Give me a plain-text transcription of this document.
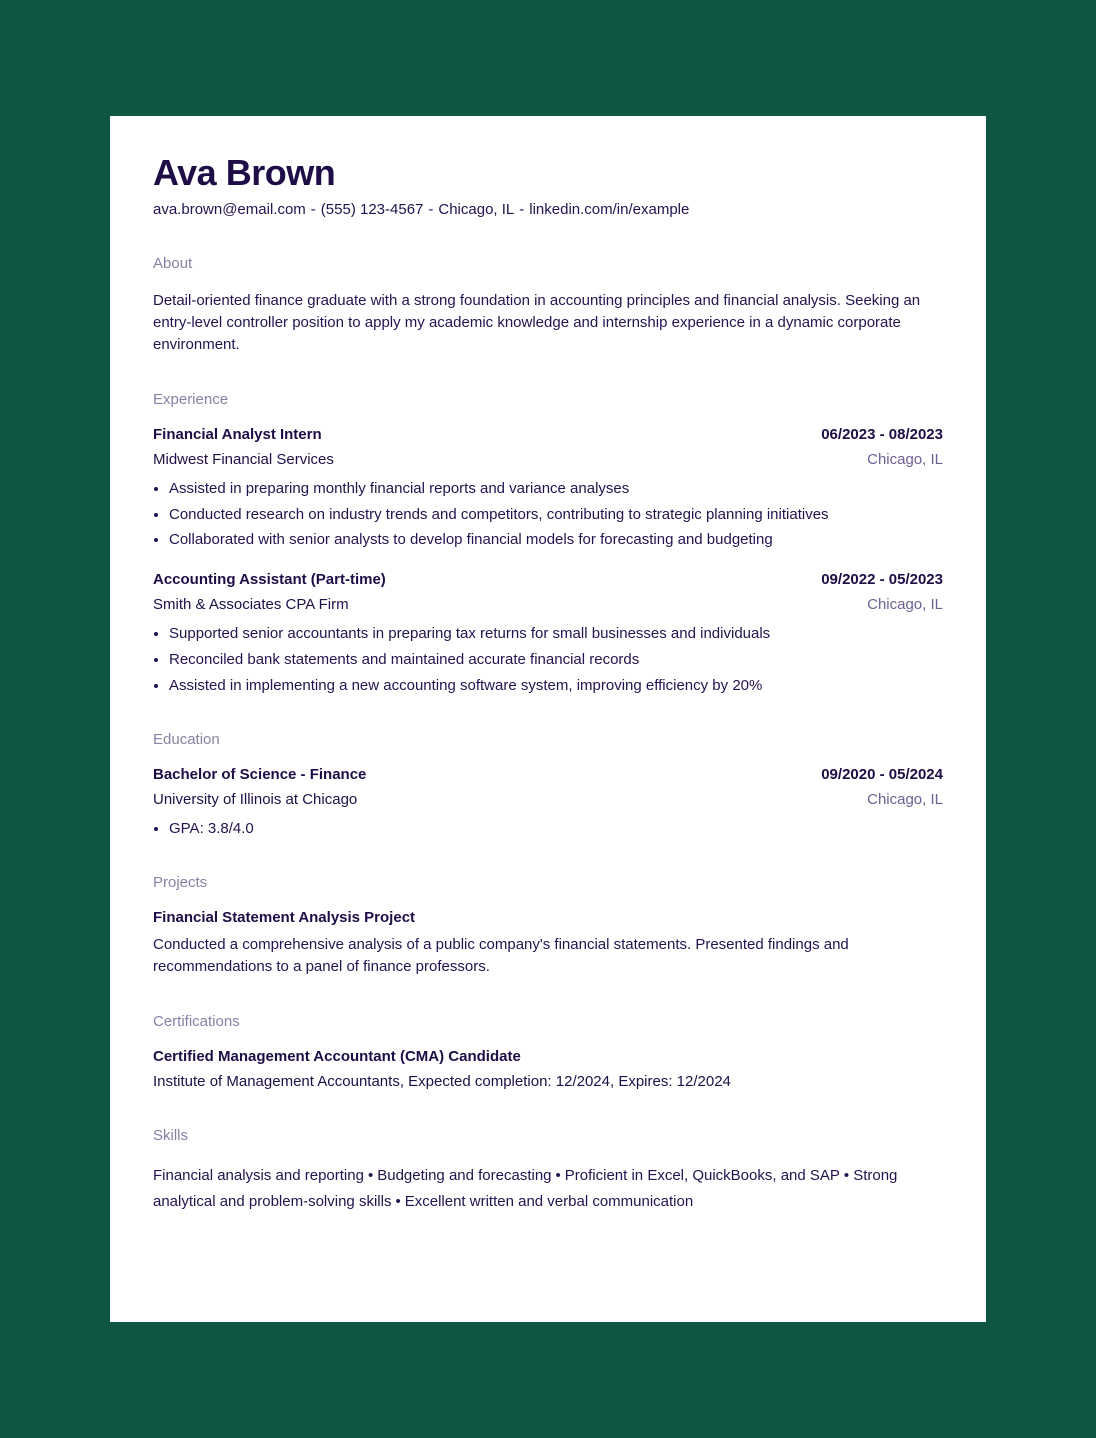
Ava Brown
ava.brown@email.com - (555) 123-4567 - Chicago, IL - linkedin.com/in/example
About
Detail-oriented finance graduate with a strong foundation in accounting principles and financial analysis. Seeking an entry-level controller position to apply my academic knowledge and internship experience in a dynamic corporate environment.
Experience
Financial Analyst Intern	06/2023 - 08/2023
Midwest Financial Services	Chicago, IL
• Assisted in preparing monthly financial reports and variance analyses
• Conducted research on industry trends and competitors, contributing to strategic planning initiatives
• Collaborated with senior analysts to develop financial models for forecasting and budgeting
Accounting Assistant (Part-time)	09/2022 - 05/2023
Smith & Associates CPA Firm	Chicago, IL
• Supported senior accountants in preparing tax returns for small businesses and individuals
• Reconciled bank statements and maintained accurate financial records
• Assisted in implementing a new accounting software system, improving efficiency by 20%
Education
Bachelor of Science - Finance	09/2020 - 05/2024
University of Illinois at Chicago	Chicago, IL
• GPA: 3.8/4.0
Projects
Financial Statement Analysis Project
Conducted a comprehensive analysis of a public company's financial statements. Presented findings and recommendations to a panel of finance professors.
Certifications
Certified Management Accountant (CMA) Candidate
Institute of Management Accountants, Expected completion: 12/2024, Expires: 12/2024
Skills
Financial analysis and reporting • Budgeting and forecasting • Proficient in Excel, QuickBooks, and SAP • Strong analytical and problem-solving skills • Excellent written and verbal communication
